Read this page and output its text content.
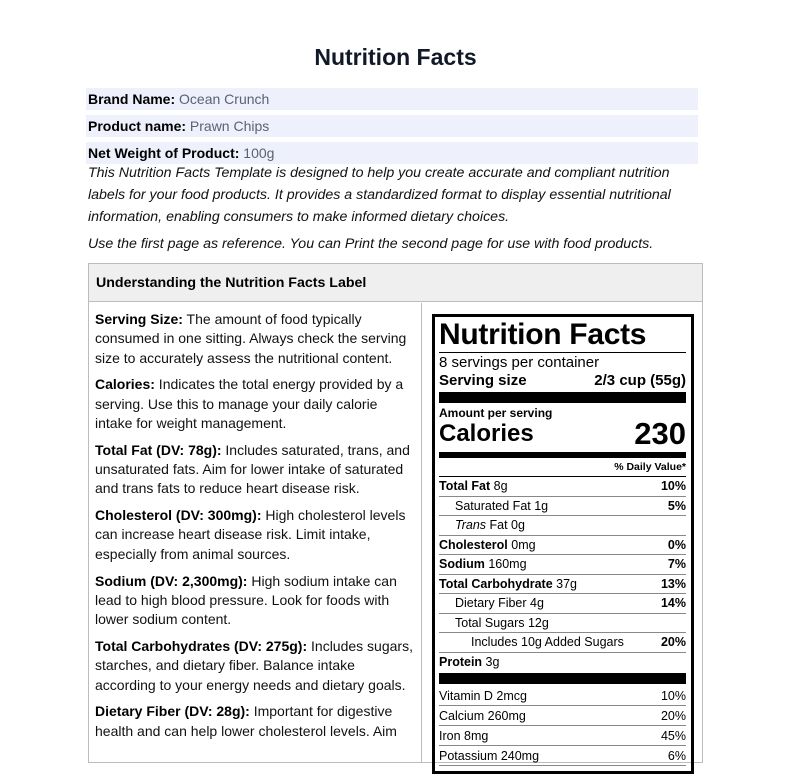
Nutrition Facts
Brand Name: Ocean Crunch
Product name: Prawn Chips
Net Weight of Product: 100g
This Nutrition Facts Template is designed to help you create accurate and compliant nutrition labels for your food products. It provides a standardized format to display essential nutritional information, enabling consumers to make informed dietary choices.
Use the first page as reference. You can Print the second page for use with food products.
Understanding the Nutrition Facts Label
Serving Size: The amount of food typically consumed in one sitting. Always check the serving size to accurately assess the nutritional content.
Calories: Indicates the total energy provided by a serving. Use this to manage your daily calorie intake for weight management.
Total Fat (DV: 78g): Includes saturated, trans, and unsaturated fats. Aim for lower intake of saturated and trans fats to reduce heart disease risk.
Cholesterol (DV: 300mg): High cholesterol levels can increase heart disease risk. Limit intake, especially from animal sources.
Sodium (DV: 2,300mg): High sodium intake can lead to high blood pressure. Look for foods with lower sodium content.
Total Carbohydrates (DV: 275g): Includes sugars, starches, and dietary fiber. Balance intake according to your energy needs and dietary goals.
Dietary Fiber (DV: 28g): Important for digestive health and can help lower cholesterol levels. Aim
Nutrition Facts
8 servings per container
Serving size	2/3 cup (55g)
Amount per serving
Calories	230
% Daily Value*
Total Fat 8g	10%
Saturated Fat 1g	5%
Trans Fat 0g
Cholesterol 0mg	0%
Sodium 160mg	7%
Total Carbohydrate 37g	13%
Dietary Fiber 4g	14%
Total Sugars 12g
Includes 10g Added Sugars	20%
Protein 3g
Vitamin D 2mcg	10%
Calcium 260mg	20%
Iron 8mg	45%
Potassium 240mg	6%
